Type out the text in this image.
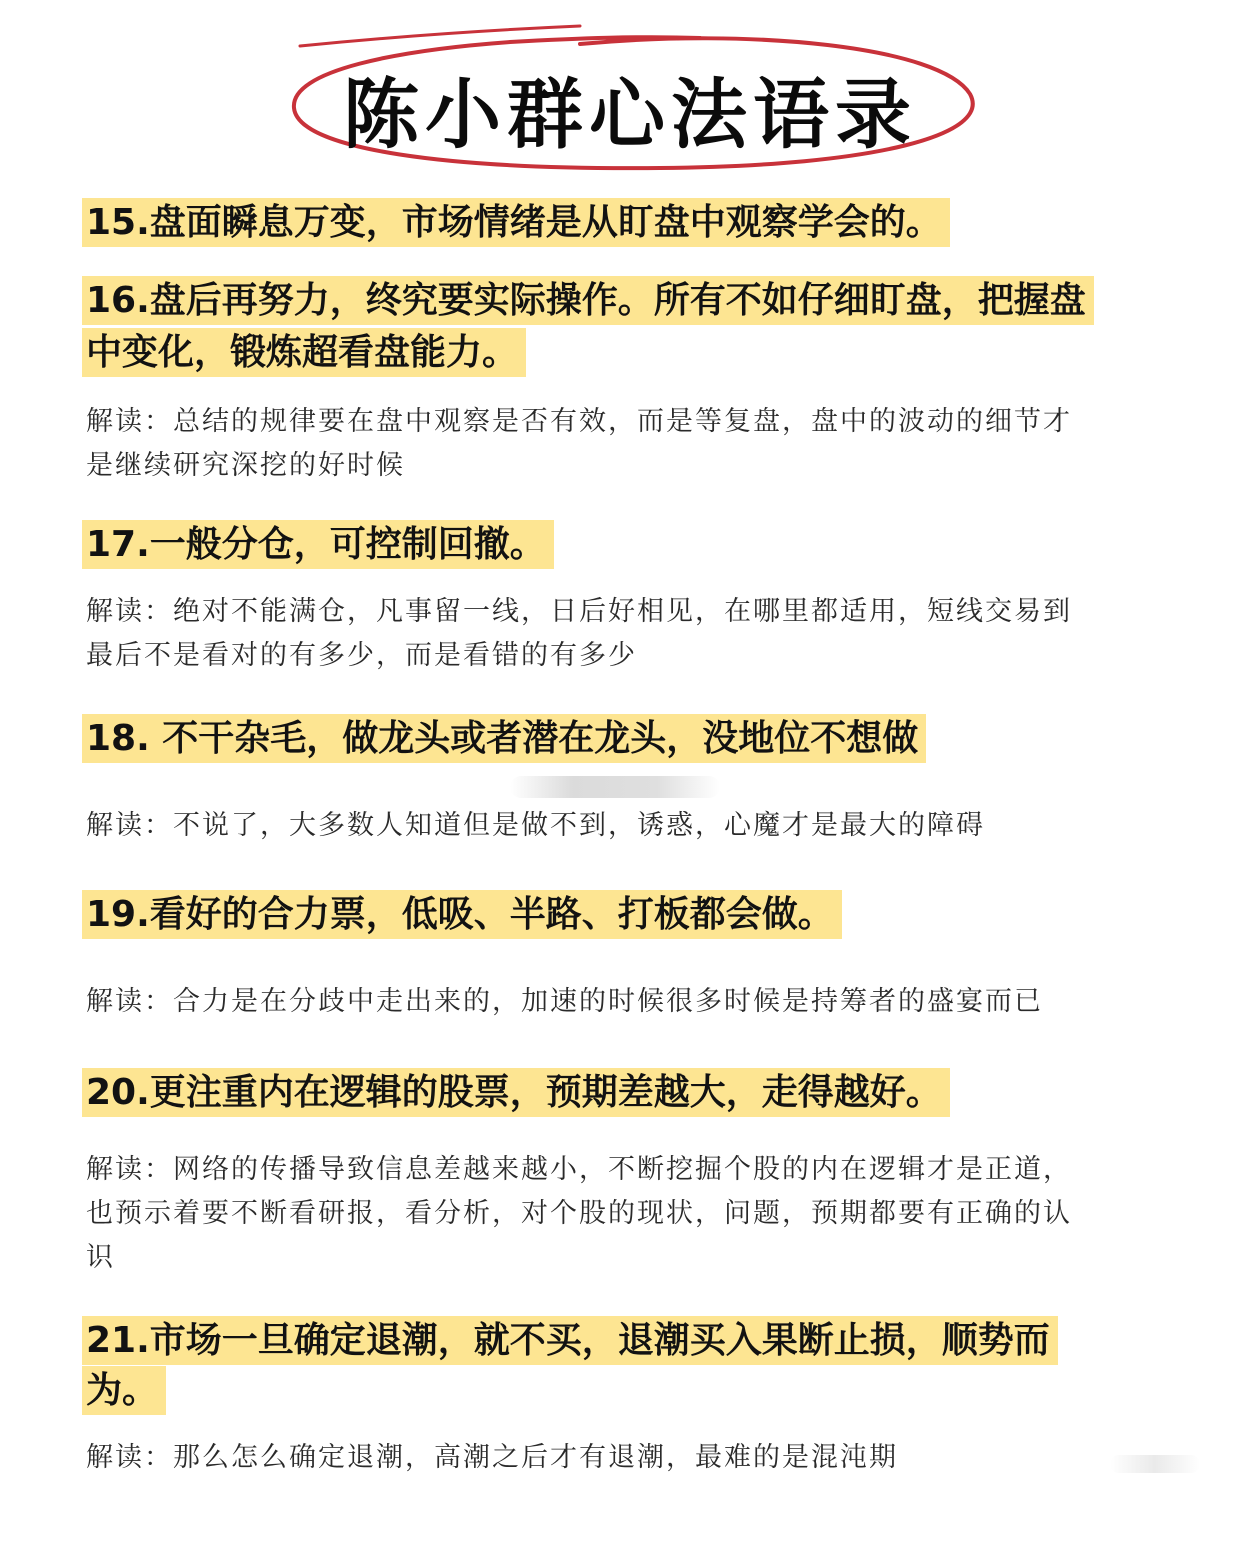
陈小群心法语录

15.盘面瞬息万变，市场情绪是从盯盘中观察学会的。

16.盘后再努力，终究要实际操作。所有不如仔细盯盘，把握盘

中变化，锻炼超看盘能力。

解读：总结的规律要在盘中观察是否有效，而是等复盘，盘中的波动的细节才
是继续研究深挖的好时候

17.一般分仓，可控制回撤。

解读：绝对不能满仓，凡事留一线，日后好相见，在哪里都适用，短线交易到
最后不是看对的有多少，而是看错的有多少

18. 不干杂毛，做龙头或者潜在龙头，没地位不想做

解读：不说了，大多数人知道但是做不到，诱惑，心魔才是最大的障碍

19.看好的合力票，低吸、半路、打板都会做。

解读：合力是在分歧中走出来的，加速的时候很多时候是持筹者的盛宴而已

20.更注重内在逻辑的股票，预期差越大，走得越好。

解读：网络的传播导致信息差越来越小，不断挖掘个股的内在逻辑才是正道，
也预示着要不断看研报，看分析，对个股的现状，问题，预期都要有正确的认
识

21.市场一旦确定退潮，就不买，退潮买入果断止损，顺势而

为。

解读：那么怎么确定退潮，高潮之后才有退潮，最难的是混沌期
